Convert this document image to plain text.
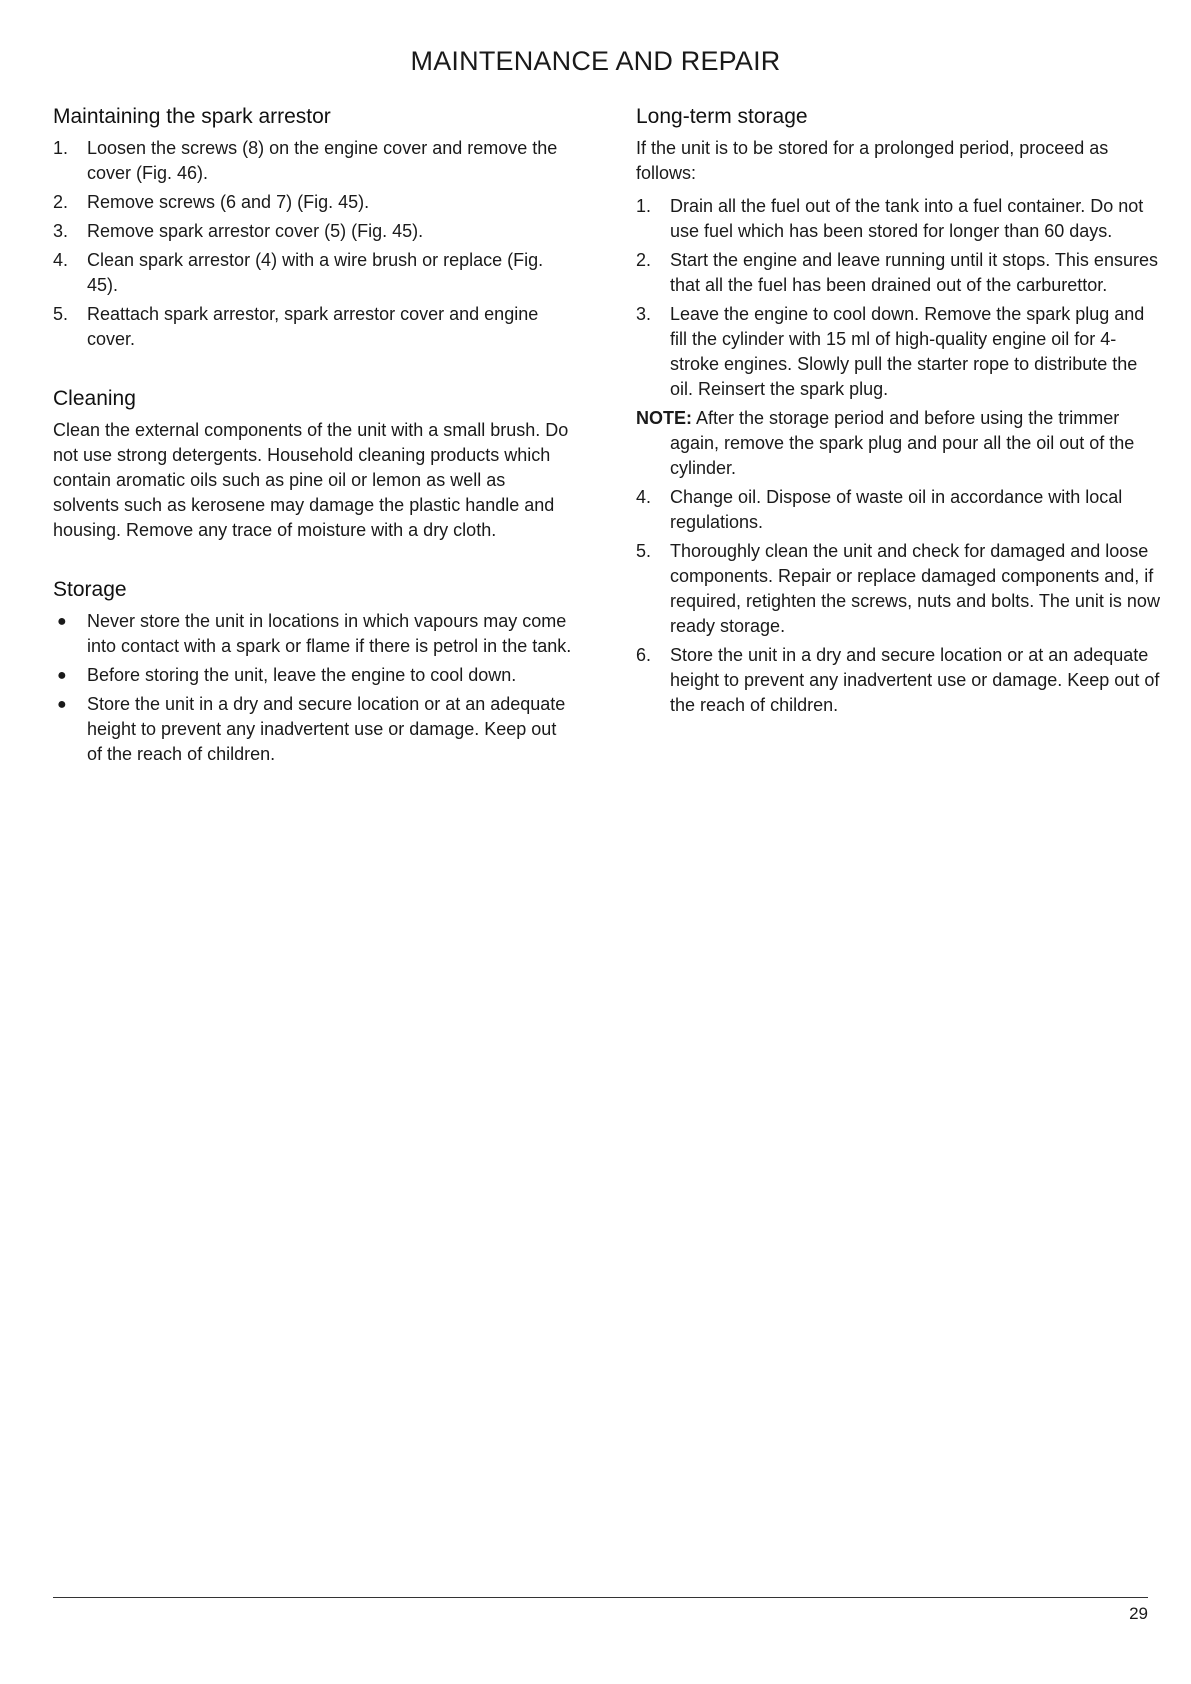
MAINTENANCE AND REPAIR
Maintaining the spark arrestor
1. Loosen the screws (8) on the engine cover and remove the cover (Fig. 46).
2. Remove screws (6 and 7) (Fig. 45).
3. Remove spark arrestor cover (5) (Fig. 45).
4. Clean spark arrestor (4) with a wire brush or replace (Fig. 45).
5. Reattach spark arrestor, spark arrestor cover and engine cover.
Cleaning

Clean the external components of the unit with a small brush. Do not use strong detergents. Household cleaning products which contain aromatic oils such as pine oil or lemon as well as solvents such as kerosene may damage the plastic handle and housing. Remove any trace of moisture with a dry cloth.

Storage
● Never store the unit in locations in which vapours may come into contact with a spark or flame if there is petrol in the tank.
● Before storing the unit, leave the engine to cool down.
● Store the unit in a dry and secure location or at an adequate height to prevent any inadvertent use or damage. Keep out of the reach of children.
Long-term storage

If the unit is to be stored for a prolonged period, proceed as follows:

1. Drain all the fuel out of the tank into a fuel container. Do not use fuel which has been stored for longer than 60 days.
2. Start the engine and leave running until it stops. This ensures that all the fuel has been drained out of the carburettor.
3. Leave the engine to cool down. Remove the spark plug and fill the cylinder with 15 ml of high-quality engine oil for 4-stroke engines. Slowly pull the starter rope to distribute the oil. Reinsert the spark plug.
NOTE: After the storage period and before using the trimmer again, remove the spark plug and pour all the oil out of the cylinder.
4. Change oil. Dispose of waste oil in accordance with local regulations.
5. Thoroughly clean the unit and check for damaged and loose components. Repair or replace damaged components and, if required, retighten the screws, nuts and bolts. The unit is now ready storage.
6. Store the unit in a dry and secure location or at an adequate height to prevent any inadvertent use or damage. Keep out of the reach of children.
29
